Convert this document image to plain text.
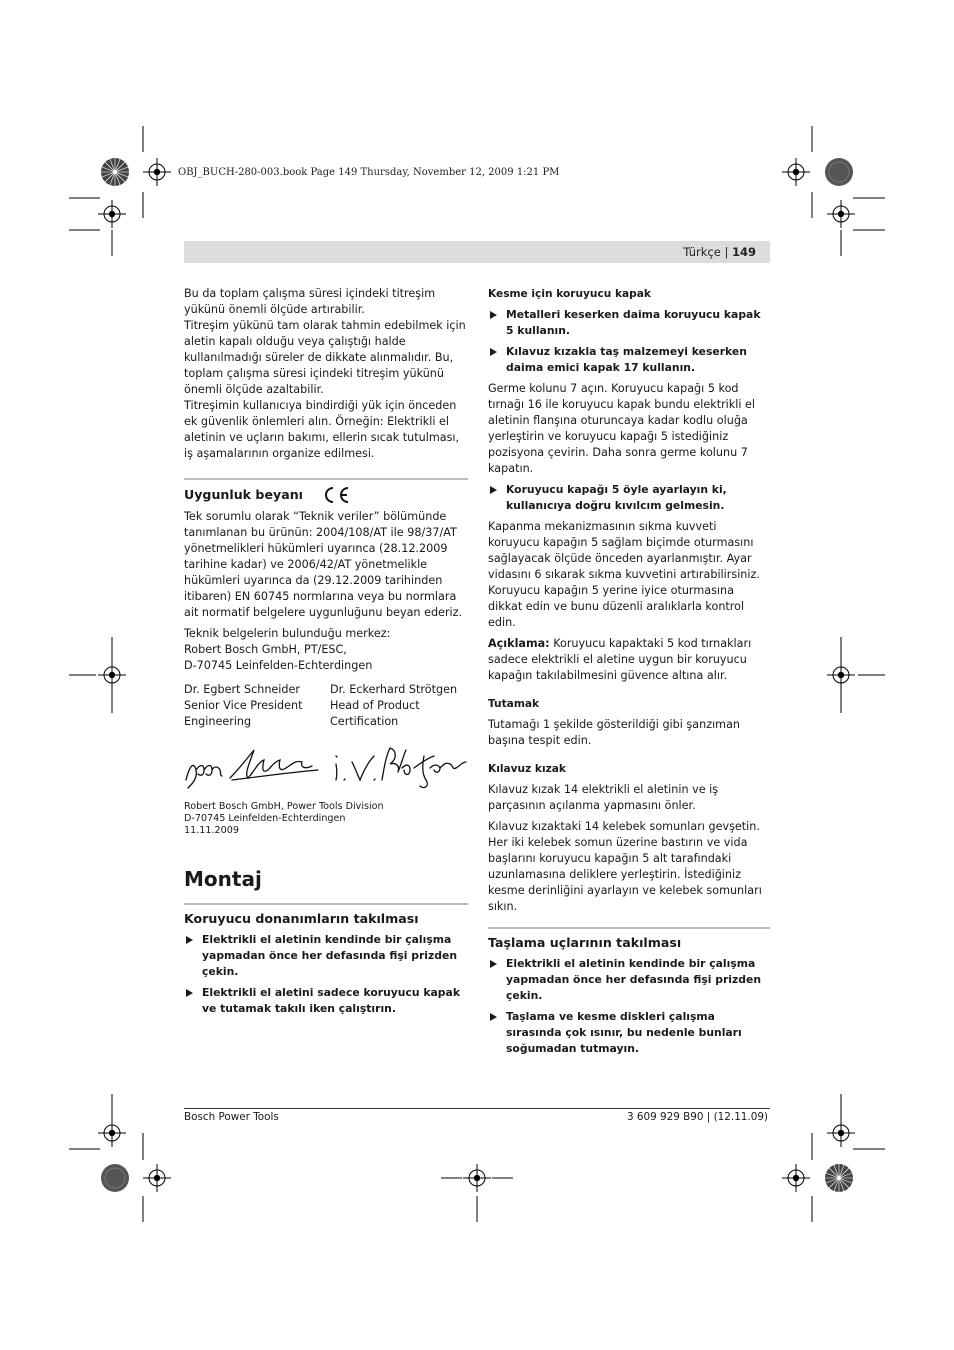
OBJ_BUCH-280-003.book Page 149 Thursday, November 12, 2009 1:21 PM
Türkçe | 149

Bu da toplam çalışma süresi içindeki titreşim yükünü önemli ölçüde artırabilir.

Titreşim yükünü tam olarak tahmin edebilmek için aletin kapalı olduğu veya çalıştığı halde kullanılmadığı süreler de dikkate alınmalıdır. Bu, toplam çalışma süresi içindeki titreşim yükünü önemli ölçüde azaltabilir.

Titreşimin kullanıcıya bindirdiği yük için önceden ek güvenlik önlemleri alın. Örneğin: Elektrikli el aletinin ve uçların bakımı, ellerin sıcak tutulması, iş aşamalarının organize edilmesi.

Uygunluk beyanı

Tek sorumlu olarak “Teknik veriler” bölümünde tanımlanan bu ürünün: 2004/108/AT ile 98/37/AT yönetmelikleri hükümleri uyarınca (28.12.2009 tarihine kadar) ve 2006/42/AT yönetmelikle hükümleri uyarınca da (29.12.2009 tarihinden itibaren) EN 60745 normlarına veya bu normlara ait normatif belgelere uygunluğunu beyan ederiz.

Teknik belgelerin bulunduğu merkez:
Robert Bosch GmbH, PT/ESC,
D-70745 Leinfelden-Echterdingen

Dr. Egbert Schneider
Senior Vice President
Engineering
Dr. Eckerhard Strötgen
Head of Product
Certification

Robert Bosch GmbH, Power Tools Division
D-70745 Leinfelden-Echterdingen
11.11.2009

Montaj
Koruyucu donanımların takılması
Elektrikli el aletinin kendinde bir çalışma yapmadan önce her defasında fişi prizden çekin.
Elektrikli el aletini sadece koruyucu kapak ve tutamak takılı iken çalıştırın.
Kesme için koruyucu kapak
Metalleri keserken daima koruyucu kapak 5 kullanın.
Kılavuz kızakla taş malzemeyi keserken daima emici kapak 17 kullanın.

Germe kolunu 7 açın. Koruyucu kapağı 5 kod tırnağı 16 ile koruyucu kapak bundu elektrikli el aletinin flanşına oturuncaya kadar kodlu oluğa yerleştirin ve koruyucu kapağı 5 istediğiniz pozisyona çevirin. Daha sonra germe kolunu 7 kapatın.

Koruyucu kapağı 5 öyle ayarlayın ki, kullanıcıya doğru kıvılcım gelmesin.

Kapanma mekanizmasının sıkma kuvveti koruyucu kapağın 5 sağlam biçimde oturmasını sağlayacak ölçüde önceden ayarlanmıştır. Ayar vidasını 6 sıkarak sıkma kuvvetini artırabilirsiniz. Koruyucu kapağın 5 yerine iyice oturmasına dikkat edin ve bunu düzenli aralıklarla kontrol edin.

Açıklama: Koruyucu kapaktaki 5 kod tırnakları sadece elektrikli el aletine uygun bir koruyucu kapağın takılabilmesini güvence altına alır.

Tutamak

Tutamağı 1 şekilde gösterildiği gibi şanzıman başına tespit edin.

Kılavuz kızak

Kılavuz kızak 14 elektrikli el aletinin ve iş parçasının açılanma yapmasını önler.

Kılavuz kızaktaki 14 kelebek somunları gevşetin. Her iki kelebek somun üzerine bastırın ve vida başlarını koruyucu kapağın 5 alt tarafındaki uzunlamasına deliklere yerleştirin. İstediğiniz kesme derinliğini ayarlayın ve kelebek somunları sıkın.

Taşlama uçlarının takılması
Elektrikli el aletinin kendinde bir çalışma yapmadan önce her defasında fişi prizden çekin.
Taşlama ve kesme diskleri çalışma sırasında çok ısınır, bu nedenle bunları soğumadan tutmayın.
Bosch Power Tools	3 609 929 B90 | (12.11.09)
